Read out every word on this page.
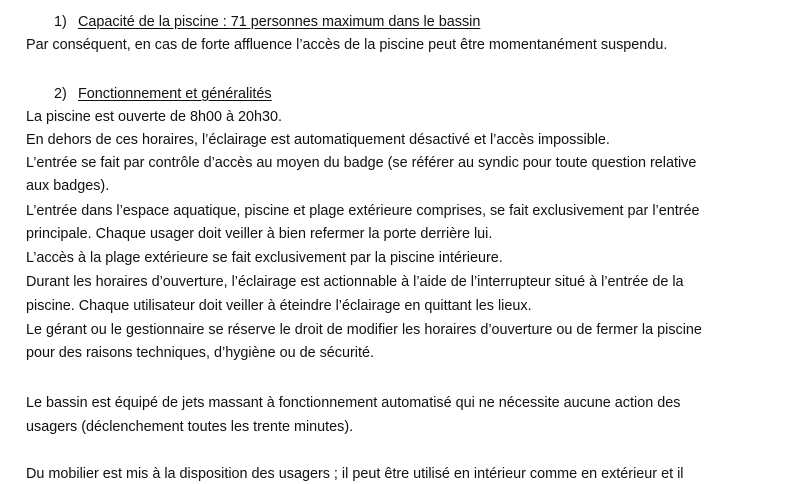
1) Capacité de la piscine : 71 personnes maximum dans le bassin
Par conséquent, en cas de forte affluence l’accès de la piscine peut être momentanément suspendu.
2) Fonctionnement et généralités
La piscine est ouverte de 8h00 à 20h30.
En dehors de ces horaires, l’éclairage est automatiquement désactivé et l’accès impossible.
L’entrée se fait par contrôle d’accès au moyen du badge (se référer au syndic pour toute question relative
aux badges).
L’entrée dans l’espace aquatique, piscine et plage extérieure comprises, se fait exclusivement par l’entrée
principale. Chaque usager doit veiller à bien refermer la porte derrière lui.
L’accès à la plage extérieure se fait exclusivement par la piscine intérieure.
Durant les horaires d’ouverture, l’éclairage est actionnable à l’aide de l’interrupteur situé à l’entrée de la
piscine. Chaque utilisateur doit veiller à éteindre l’éclairage en quittant les lieux.
Le gérant ou le gestionnaire se réserve le droit de modifier les horaires d’ouverture ou de fermer la piscine
pour des raisons techniques, d’hygiène ou de sécurité.
Le bassin est équipé de jets massant à fonctionnement automatisé qui ne nécessite aucune action des
usagers (déclenchement toutes les trente minutes).
Du mobilier est mis à la disposition des usagers ; il peut être utilisé en intérieur comme en extérieur et il
